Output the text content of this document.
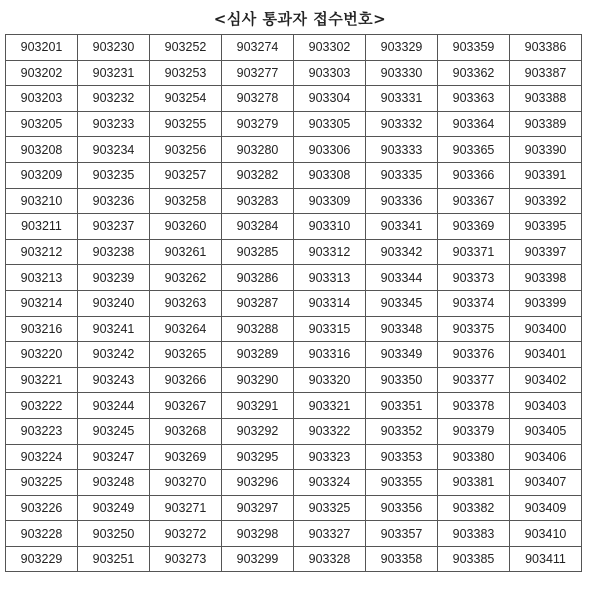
<심사 통과자 접수번호>
903201	903230	903252	903274	903302	903329	903359	903386
903202	903231	903253	903277	903303	903330	903362	903387
903203	903232	903254	903278	903304	903331	903363	903388
903205	903233	903255	903279	903305	903332	903364	903389
903208	903234	903256	903280	903306	903333	903365	903390
903209	903235	903257	903282	903308	903335	903366	903391
903210	903236	903258	903283	903309	903336	903367	903392
903211	903237	903260	903284	903310	903341	903369	903395
903212	903238	903261	903285	903312	903342	903371	903397
903213	903239	903262	903286	903313	903344	903373	903398
903214	903240	903263	903287	903314	903345	903374	903399
903216	903241	903264	903288	903315	903348	903375	903400
903220	903242	903265	903289	903316	903349	903376	903401
903221	903243	903266	903290	903320	903350	903377	903402
903222	903244	903267	903291	903321	903351	903378	903403
903223	903245	903268	903292	903322	903352	903379	903405
903224	903247	903269	903295	903323	903353	903380	903406
903225	903248	903270	903296	903324	903355	903381	903407
903226	903249	903271	903297	903325	903356	903382	903409
903228	903250	903272	903298	903327	903357	903383	903410
903229	903251	903273	903299	903328	903358	903385	903411
